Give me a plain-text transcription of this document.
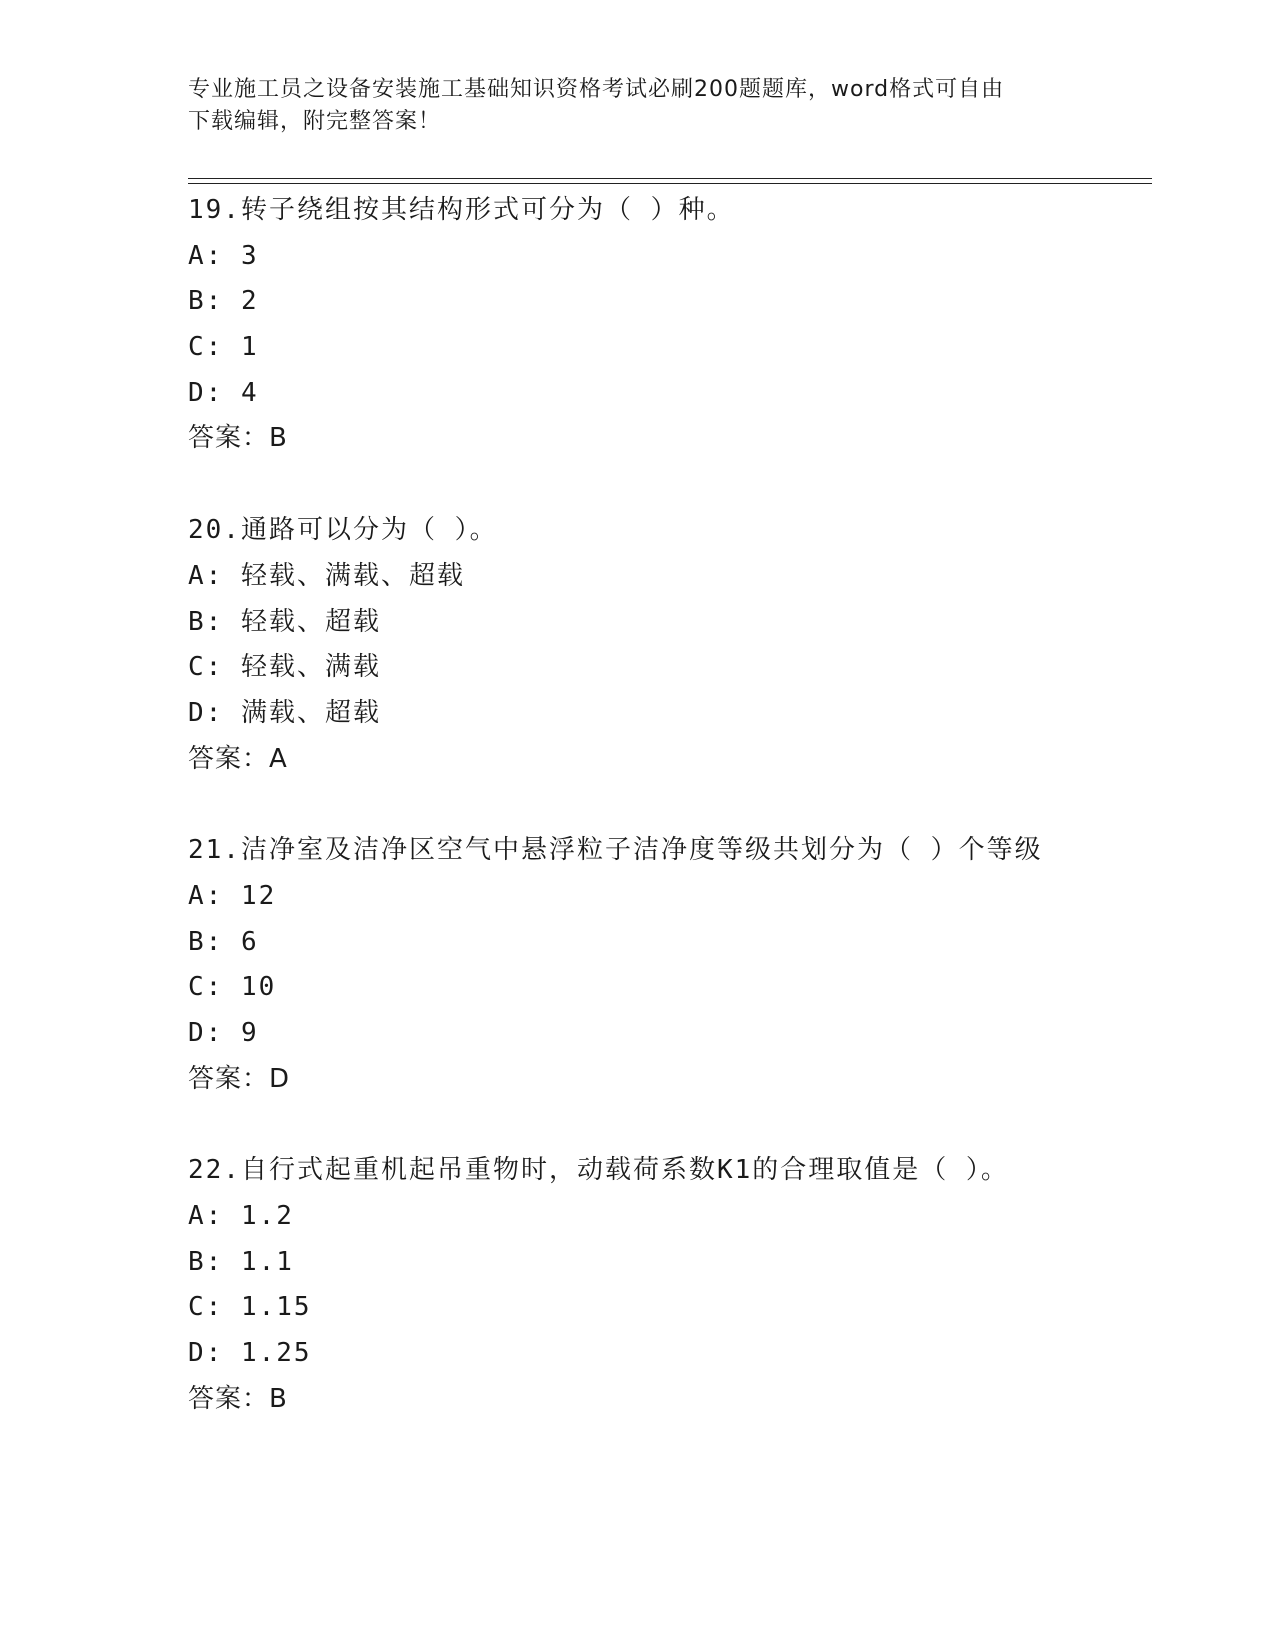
专业施工员之设备安装施工基础知识资格考试必刷200题题库，word格式可自由
下载编辑，附完整答案！
19.转子绕组按其结构形式可分为（ ）种。
A: 3
B: 2
C: 1
D: 4
答案：B
20.通路可以分为（ ）。
A: 轻载、满载、超载
B: 轻载、超载
C: 轻载、满载
D: 满载、超载
答案：A
21.洁净室及洁净区空气中悬浮粒子洁净度等级共划分为（ ）个等级
A: 12
B: 6
C: 10
D: 9
答案：D
22.自行式起重机起吊重物时，动载荷系数K1的合理取值是（ ）。
A: 1.2
B: 1.1
C: 1.15
D: 1.25
答案：B
